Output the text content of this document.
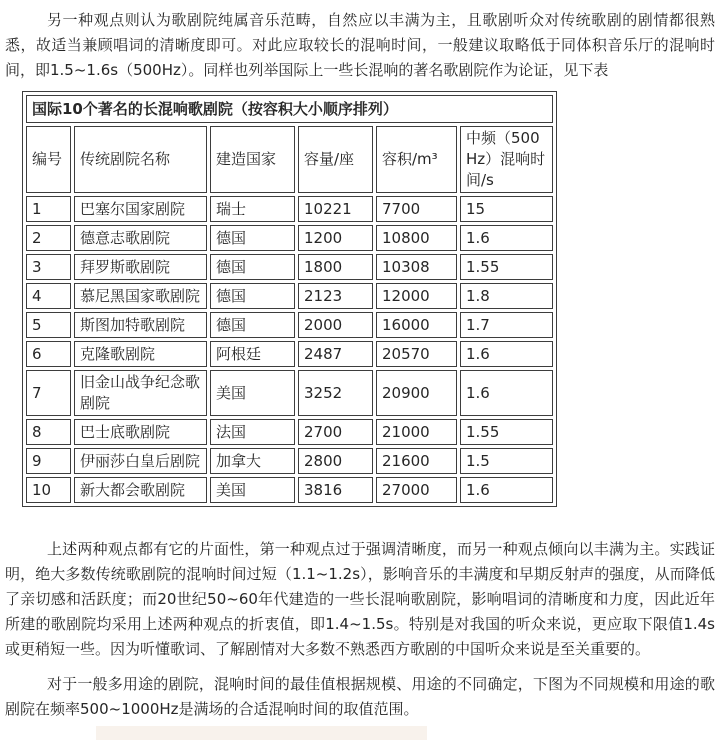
另一种观点则认为歌剧院纯属音乐范畴，自然应以丰满为主，且歌剧听众对传统歌剧的剧情都很熟悉，故适当兼顾唱词的清晰度即可。对此应取较长的混响时间，一般建议取略低于同体积音乐厅的混响时间，即1.5~1.6s（500Hz）。同样也列举国际上一些长混响的著名歌剧院作为论证，见下表

国际10个著名的长混响歌剧院（按容积大小顺序排列）					
编号	传统剧院名称	建造国家	容量/座	容积/m³	中频（500Hz）混响时间/s
1	巴塞尔国家剧院	瑞士	10221	7700	15
2	德意志歌剧院	德国	1200	10800	1.6
3	拜罗斯歌剧院	德国	1800	10308	1.55
4	慕尼黑国家歌剧院	德国	2123	12000	1.8
5	斯图加特歌剧院	德国	2000	16000	1.7
6	克隆歌剧院	阿根廷	2487	20570	1.6
7	旧金山战争纪念歌剧院	美国	3252	20900	1.6
8	巴士底歌剧院	法国	2700	21000	1.55
9	伊丽莎白皇后剧院	加拿大	2800	21600	1.5
10	新大都会歌剧院	美国	3816	27000	1.6

上述两种观点都有它的片面性，第一种观点过于强调清晰度，而另一种观点倾向以丰满为主。实践证明，绝大多数传统歌剧院的混响时间过短（1.1~1.2s），影响音乐的丰满度和早期反射声的强度，从而降低了亲切感和活跃度；而20世纪50~60年代建造的一些长混响歌剧院，影响唱词的清晰度和力度，因此近年所建的歌剧院均采用上述两种观点的折衷值，即1.4~1.5s。特别是对我国的听众来说，更应取下限值1.4s或更稍短一些。因为听懂歌词、了解剧情对大多数不熟悉西方歌剧的中国听众来说是至关重要的。

对于一般多用途的剧院，混响时间的最佳值根据规模、用途的不同确定，下图为不同规模和用途的歌剧院在频率500~1000Hz是满场的合适混响时间的取值范围。
